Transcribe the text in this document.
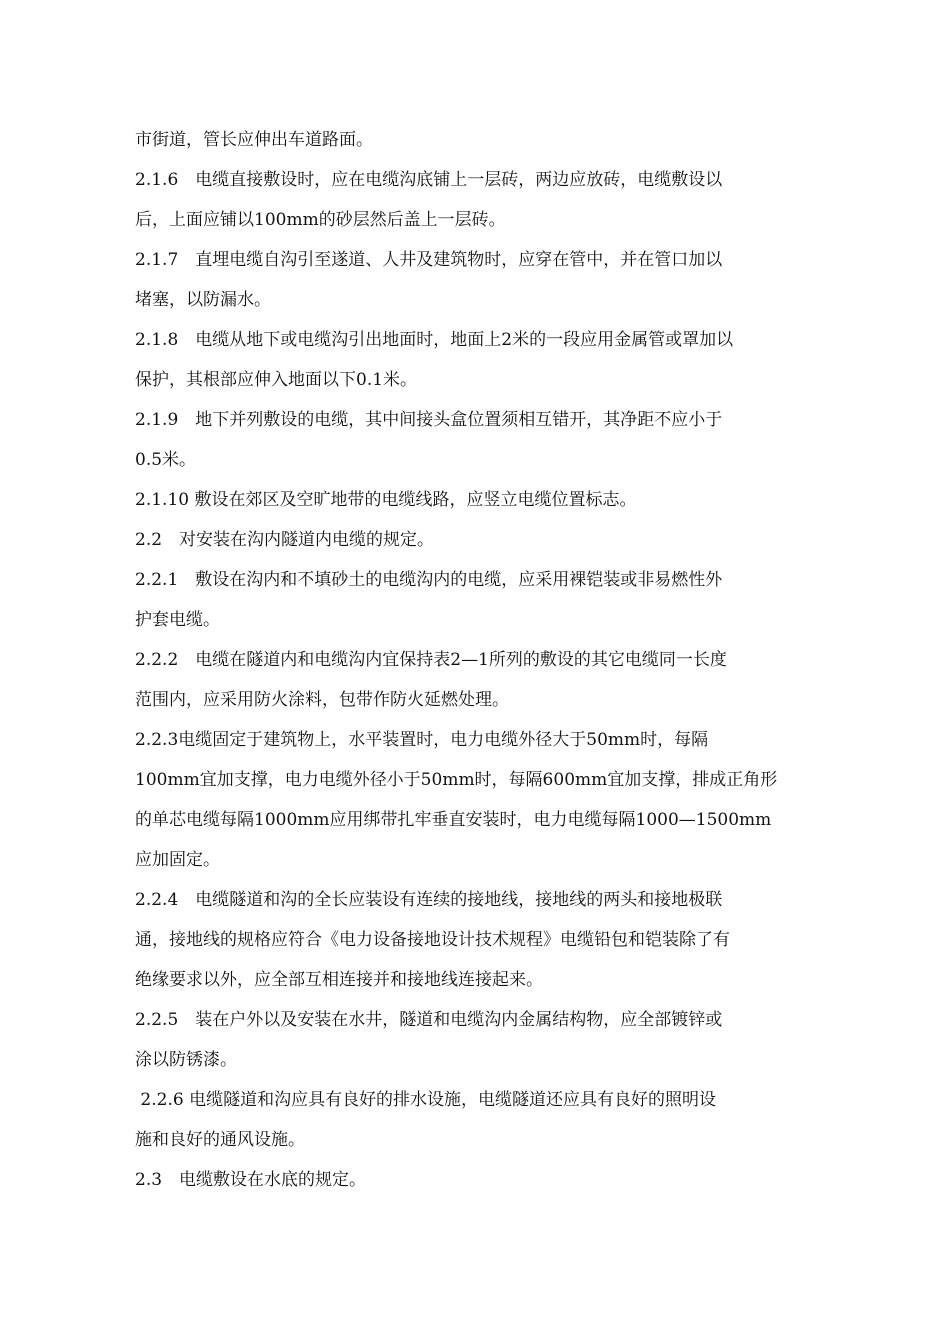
市街道，管长应伸出车道路面。
2.1.6　电缆直接敷设时，应在电缆沟底铺上一层砖，两边应放砖，电缆敷设以
后，上面应铺以100mm的砂层然后盖上一层砖。
2.1.7　直埋电缆自沟引至遂道、人井及建筑物时，应穿在管中，并在管口加以
堵塞，以防漏水。
2.1.8　电缆从地下或电缆沟引出地面时，地面上2米的一段应用金属管或罩加以
保护，其根部应伸入地面以下0.1米。
2.1.9　地下并列敷设的电缆，其中间接头盒位置须相互错开，其净距不应小于
0.5米。
2.1.10 敷设在郊区及空旷地带的电缆线路，应竖立电缆位置标志。
2.2　对安装在沟内隧道内电缆的规定。
2.2.1　敷设在沟内和不填砂土的电缆沟内的电缆，应采用裸铠装或非易燃性外
护套电缆。
2.2.2　电缆在隧道内和电缆沟内宜保持表2—1所列的敷设的其它电缆同一长度
范围内，应采用防火涂料，包带作防火延燃处理。
2.2.3电缆固定于建筑物上，水平装置时，电力电缆外径大于50mm时，每隔
100mm宜加支撑，电力电缆外径小于50mm时，每隔600mm宜加支撑，排成正角形
的单芯电缆每隔1000mm应用绑带扎牢垂直安装时，电力电缆每隔1000—1500mm
应加固定。
2.2.4　电缆隧道和沟的全长应装设有连续的接地线，接地线的两头和接地极联
通，接地线的规格应符合《电力设备接地设计技术规程》电缆铅包和铠装除了有
绝缘要求以外，应全部互相连接并和接地线连接起来。
2.2.5　装在户外以及安装在水井，隧道和电缆沟内金属结构物，应全部镀锌或
涂以防锈漆。
2.2.6 电缆隧道和沟应具有良好的排水设施，电缆隧道还应具有良好的照明设
施和良好的通风设施。
2.3　电缆敷设在水底的规定。
